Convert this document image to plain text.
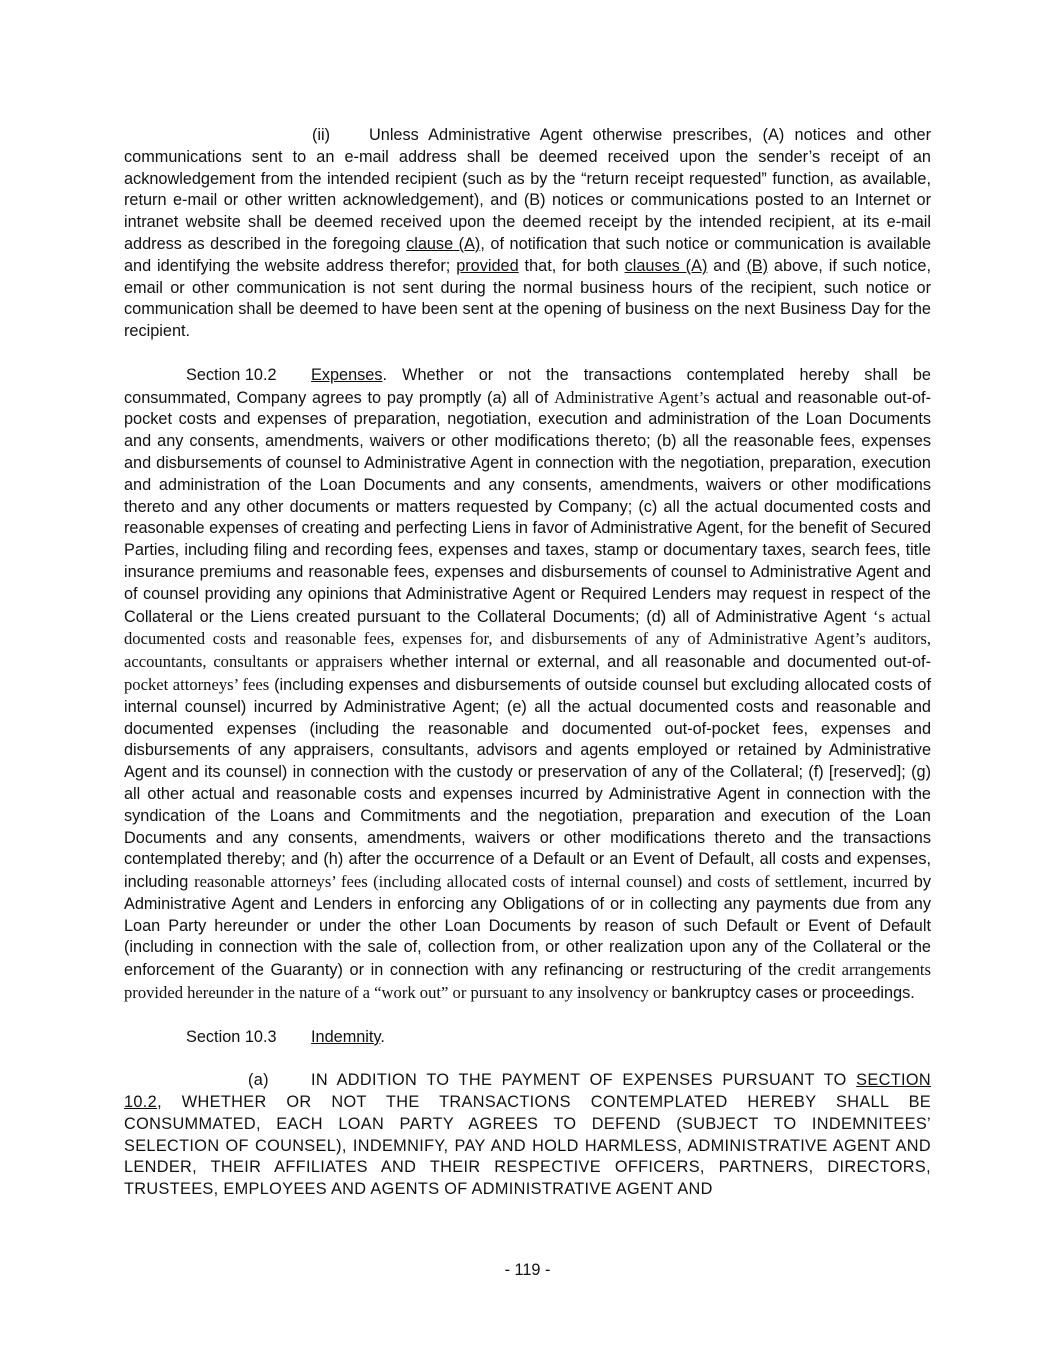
(ii) Unless Administrative Agent otherwise prescribes, (A) notices and other communications sent to an e-mail address shall be deemed received upon the sender’s receipt of an acknowledgement from the intended recipient (such as by the “return receipt requested” function, as available, return e-mail or other written acknowledgement), and (B) notices or communications posted to an Internet or intranet website shall be deemed received upon the deemed receipt by the intended recipient, at its e-mail address as described in the foregoing clause (A), of notification that such notice or communication is available and identifying the website address therefor; provided that, for both clauses (A) and (B) above, if such notice, email or other communication is not sent during the normal business hours of the recipient, such notice or communication shall be deemed to have been sent at the opening of business on the next Business Day for the recipient.

Section 10.2 Expenses. Whether or not the transactions contemplated hereby shall be consummated, Company agrees to pay promptly (a) all of Administrative Agent’s actual and reasonable out-of-pocket costs and expenses of preparation, negotiation, execution and administration of the Loan Documents and any consents, amendments, waivers or other modifications thereto; (b) all the reasonable fees, expenses and disbursements of counsel to Administrative Agent in connection with the negotiation, preparation, execution and administration of the Loan Documents and any consents, amendments, waivers or other modifications thereto and any other documents or matters requested by Company; (c) all the actual documented costs and reasonable expenses of creating and perfecting Liens in favor of Administrative Agent, for the benefit of Secured Parties, including filing and recording fees, expenses and taxes, stamp or documentary taxes, search fees, title insurance premiums and reasonable fees, expenses and disbursements of counsel to Administrative Agent and of counsel providing any opinions that Administrative Agent or Required Lenders may request in respect of the Collateral or the Liens created pursuant to the Collateral Documents; (d) all of Administrative Agent ‘s actual documented costs and reasonable fees, expenses for, and disbursements of any of Administrative Agent’s auditors, accountants, consultants or appraisers whether internal or external, and all reasonable and documented out-of-pocket attorneys’ fees (including expenses and disbursements of outside counsel but excluding allocated costs of internal counsel) incurred by Administrative Agent; (e) all the actual documented costs and reasonable and documented expenses (including the reasonable and documented out-of-pocket fees, expenses and disbursements of any appraisers, consultants, advisors and agents employed or retained by Administrative Agent and its counsel) in connection with the custody or preservation of any of the Collateral; (f) [reserved]; (g) all other actual and reasonable costs and expenses incurred by Administrative Agent in connection with the syndication of the Loans and Commitments and the negotiation, preparation and execution of the Loan Documents and any consents, amendments, waivers or other modifications thereto and the transactions contemplated thereby; and (h) after the occurrence of a Default or an Event of Default, all costs and expenses, including reasonable attorneys’ fees (including allocated costs of internal counsel) and costs of settlement, incurred by Administrative Agent and Lenders in enforcing any Obligations of or in collecting any payments due from any Loan Party hereunder or under the other Loan Documents by reason of such Default or Event of Default (including in connection with the sale of, collection from, or other realization upon any of the Collateral or the enforcement of the Guaranty) or in connection with any refinancing or restructuring of the credit arrangements provided hereunder in the nature of a “work out” or pursuant to any insolvency or bankruptcy cases or proceedings.

Section 10.3 Indemnity.

(a)	IN ADDITION TO THE PAYMENT OF EXPENSES PURSUANT TO SECTION 10.2, WHETHER OR NOT THE TRANSACTIONS CONTEMPLATED HEREBY SHALL BE CONSUMMATED, EACH LOAN PARTY AGREES TO DEFEND (SUBJECT TO INDEMNITEES’ SELECTION OF COUNSEL), INDEMNIFY, PAY AND HOLD HARMLESS, ADMINISTRATIVE AGENT AND LENDER, THEIR AFFILIATES AND THEIR RESPECTIVE OFFICERS, PARTNERS, DIRECTORS, TRUSTEES, EMPLOYEES AND AGENTS OF ADMINISTRATIVE AGENT AND

- 119 -
